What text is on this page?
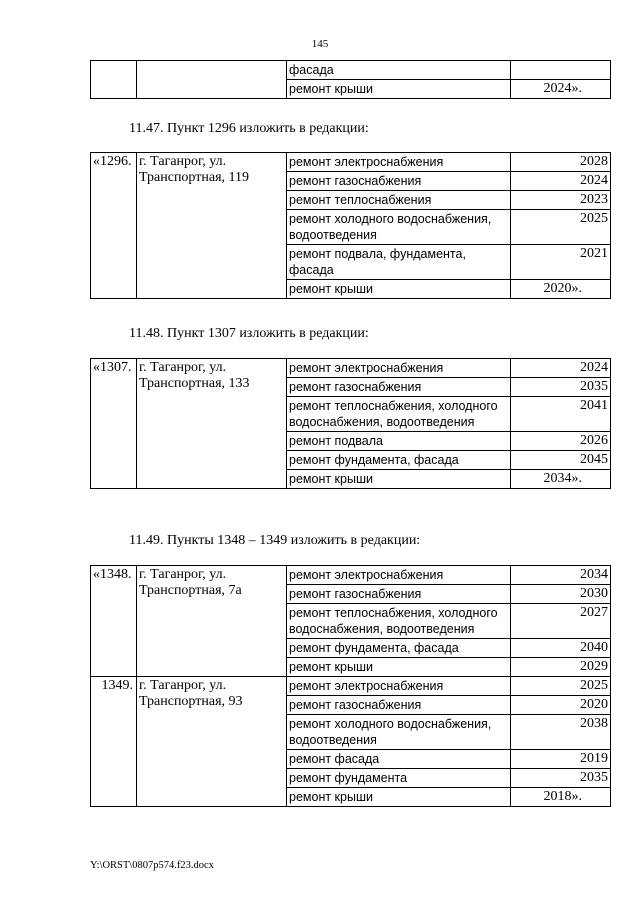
145
		фасада	
		ремонт крыши	2024».
11.47. Пункт 1296 изложить в редакции:
«1296.	г. Таганрог, ул. Транспортная, 119	ремонт электроснабжения	2028
		ремонт газоснабжения	2024
		ремонт теплоснабжения	2023
		ремонт холодного водоснабжения, водоотведения	2025
		ремонт подвала, фундамента, фасада	2021
		ремонт крыши	2020».
11.48. Пункт 1307 изложить в редакции:
«1307.	г. Таганрог, ул. Транспортная, 133	ремонт электроснабжения	2024
		ремонт газоснабжения	2035
		ремонт теплоснабжения, холодного водоснабжения, водоотведения	2041
		ремонт подвала	2026
		ремонт фундамента, фасада	2045
		ремонт крыши	2034».
11.49. Пункты 1348 – 1349 изложить в редакции:
«1348.	г. Таганрог, ул. Транспортная, 7а	ремонт электроснабжения	2034
		ремонт газоснабжения	2030
		ремонт теплоснабжения, холодного водоснабжения, водоотведения	2027
		ремонт фундамента, фасада	2040
		ремонт крыши	2029
1349.	г. Таганрог, ул. Транспортная, 93	ремонт электроснабжения	2025
		ремонт газоснабжения	2020
		ремонт холодного водоснабжения, водоотведения	2038
		ремонт фасада	2019
		ремонт фундамента	2035
		ремонт крыши	2018».
Y:\ORST\0807p574.f23.docx
